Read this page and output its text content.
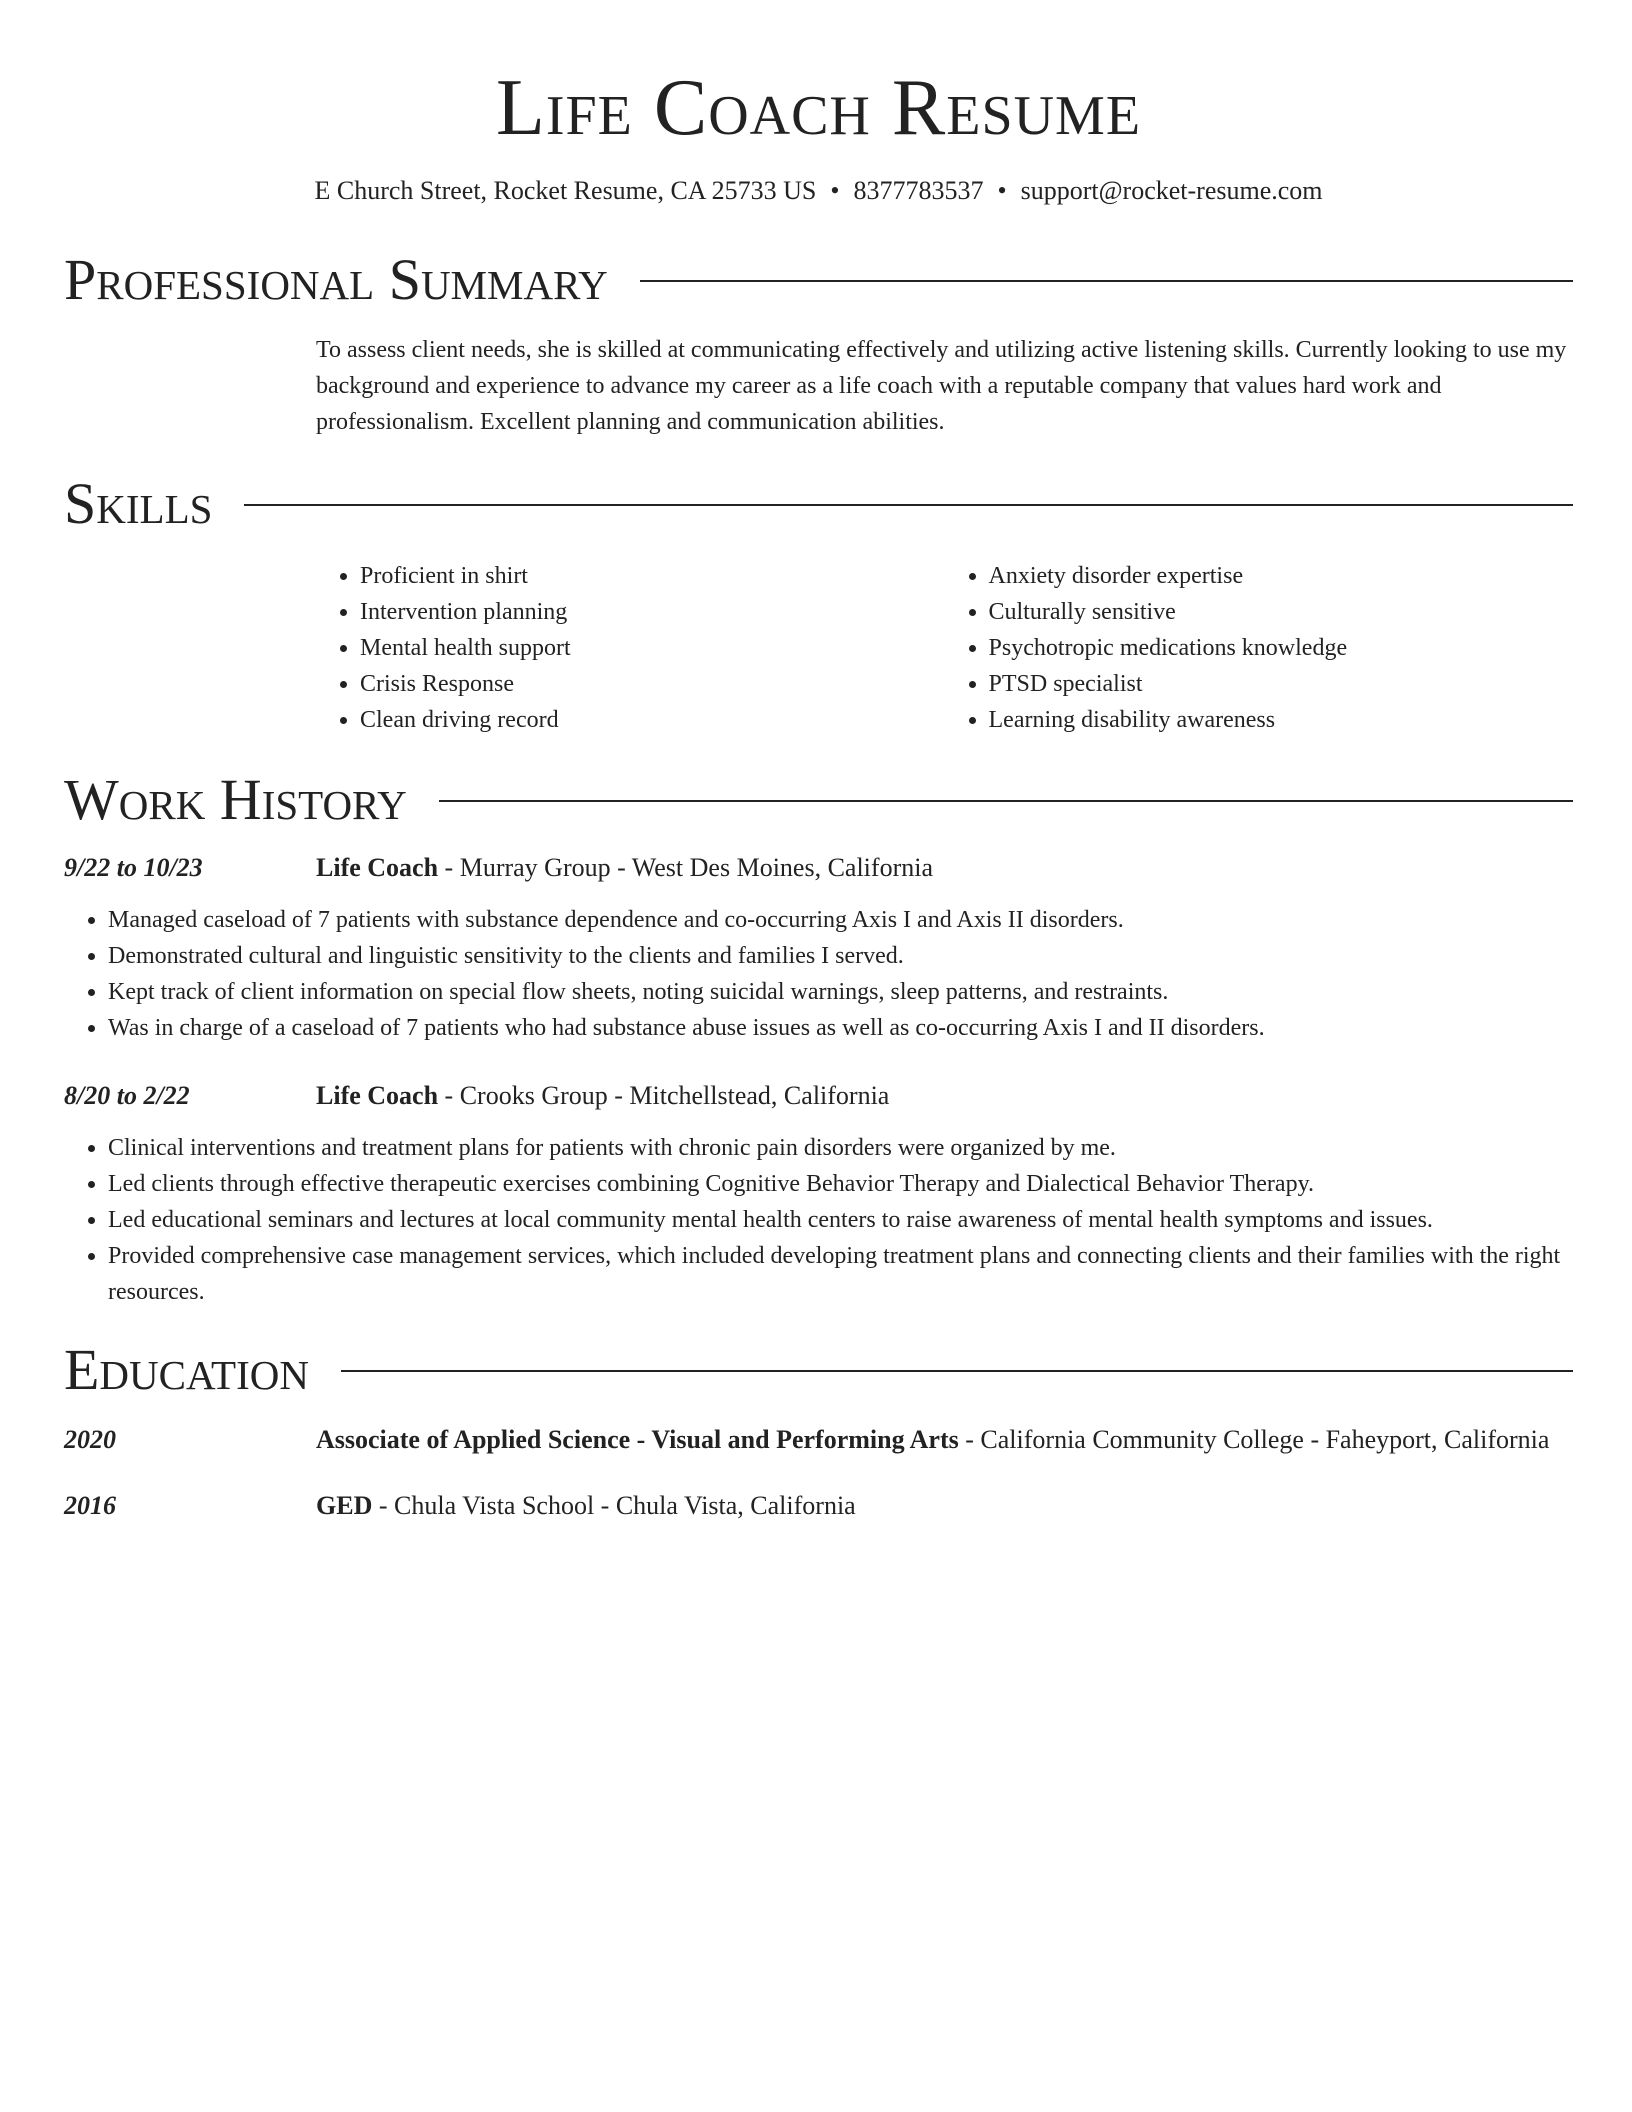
Life Coach Resume
E Church Street, Rocket Resume, CA 25733 US • 8377783537 • support@rocket-resume.com
Professional Summary
To assess client needs, she is skilled at communicating effectively and utilizing active listening skills. Currently looking to use my background and experience to advance my career as a life coach with a reputable company that values hard work and professionalism. Excellent planning and communication abilities.
Skills
• Proficient in shirt
• Intervention planning
• Mental health support
• Crisis Response
• Clean driving record
• Anxiety disorder expertise
• Culturally sensitive
• Psychotropic medications knowledge
• PTSD specialist
• Learning disability awareness
Work History
9/22 to 10/23	Life Coach - Murray Group - West Des Moines, California
• Managed caseload of 7 patients with substance dependence and co-occurring Axis I and Axis II disorders.
• Demonstrated cultural and linguistic sensitivity to the clients and families I served.
• Kept track of client information on special flow sheets, noting suicidal warnings, sleep patterns, and restraints.
• Was in charge of a caseload of 7 patients who had substance abuse issues as well as co-occurring Axis I and II disorders.
8/20 to 2/22	Life Coach - Crooks Group - Mitchellstead, California
• Clinical interventions and treatment plans for patients with chronic pain disorders were organized by me.
• Led clients through effective therapeutic exercises combining Cognitive Behavior Therapy and Dialectical Behavior Therapy.
• Led educational seminars and lectures at local community mental health centers to raise awareness of mental health symptoms and issues.
• Provided comprehensive case management services, which included developing treatment plans and connecting clients and their families with the right resources.
Education
2020	Associate of Applied Science - Visual and Performing Arts - California Community College - Faheyport, California
2016	GED - Chula Vista School - Chula Vista, California
